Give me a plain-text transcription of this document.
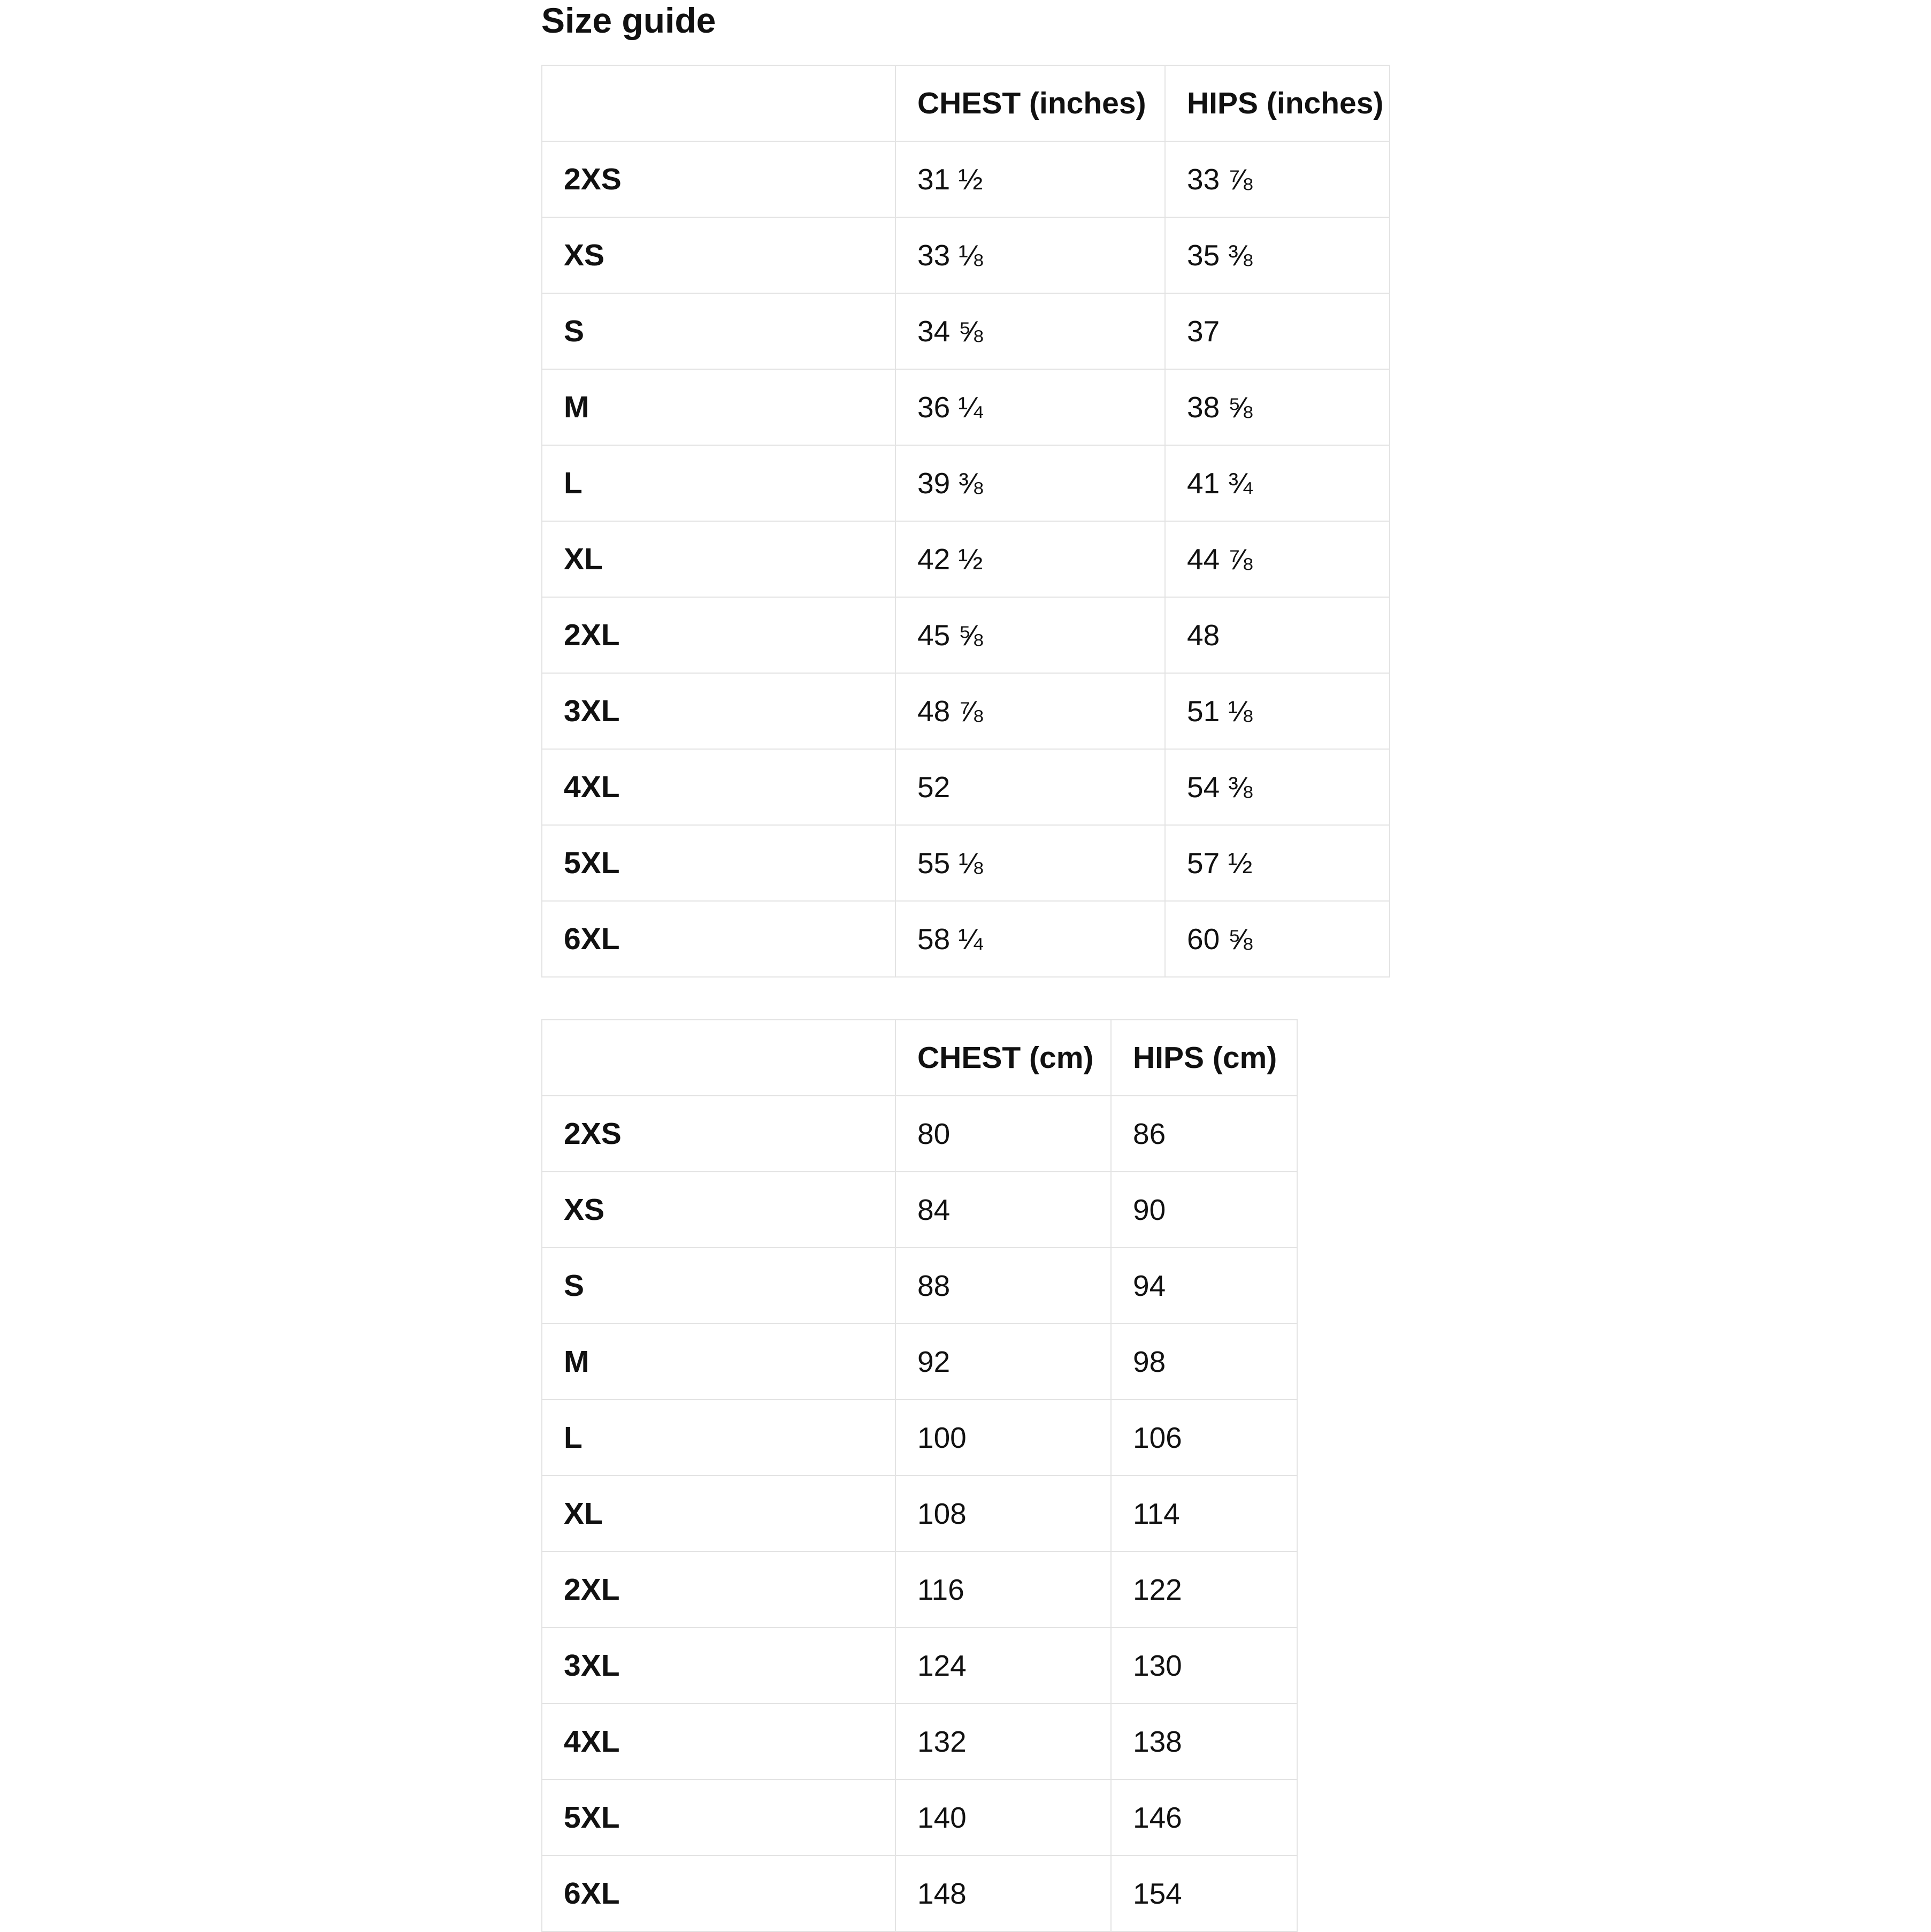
Size guide
	CHEST (inches)	HIPS (inches)
2XS	31 ½	33 ⅞
XS	33 ⅛	35 ⅜
S	34 ⅝	37
M	36 ¼	38 ⅝
L	39 ⅜	41 ¾
XL	42 ½	44 ⅞
2XL	45 ⅝	48
3XL	48 ⅞	51 ⅛
4XL	52	54 ⅜
5XL	55 ⅛	57 ½
6XL	58 ¼	60 ⅝
	CHEST (cm)	HIPS (cm)
2XS	80	86
XS	84	90
S	88	94
M	92	98
L	100	106
XL	108	114
2XL	116	122
3XL	124	130
4XL	132	138
5XL	140	146
6XL	148	154
